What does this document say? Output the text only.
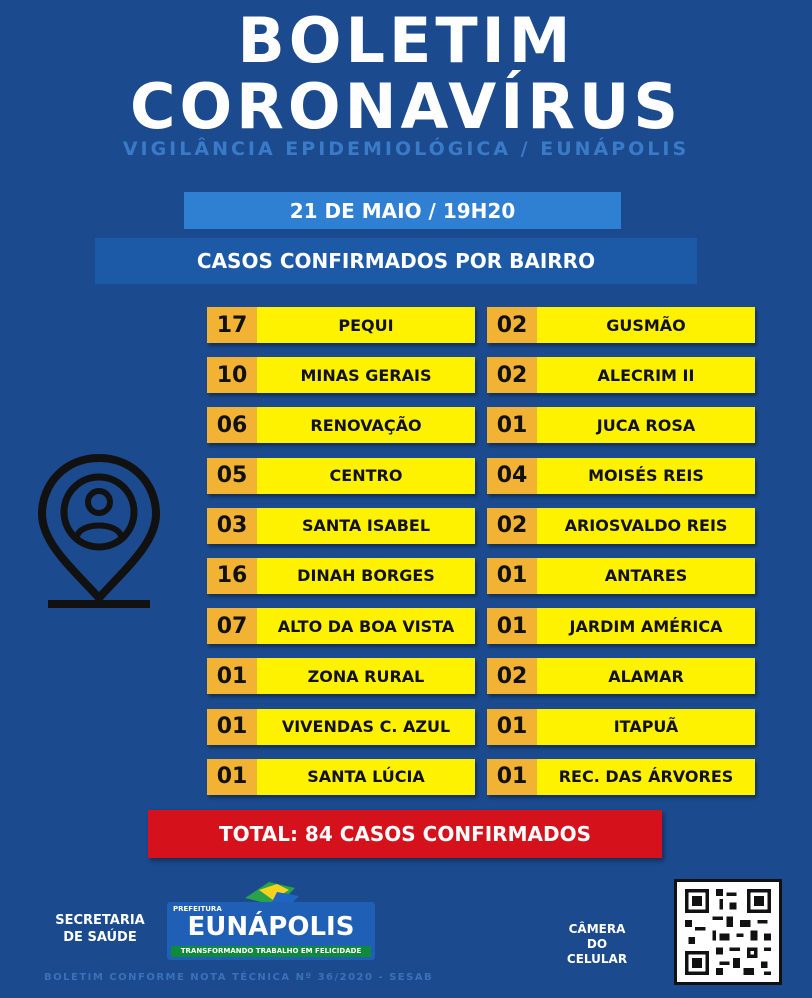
BOLETIM
CORONAVÍRUS
VIGILÂNCIA EPIDEMIOLÓGICA / EUNÁPOLIS
21 DE MAIO / 19H20
CASOS CONFIRMADOS POR BAIRRO
17	PEQUI
10	MINAS GERAIS
06	RENOVAÇÃO
05	CENTRO
03	SANTA ISABEL
16	DINAH BORGES
07	ALTO DA BOA VISTA
01	ZONA RURAL
01	VIVENDAS C. AZUL
01	SANTA LÚCIA
02	GUSMÃO
02	ALECRIM II
01	JUCA ROSA
04	MOISÉS REIS
02	ARIOSVALDO REIS
01	ANTARES
01	JARDIM AMÉRICA
02	ALAMAR
01	ITAPUÃ
01	REC. DAS ÁRVORES
TOTAL: 84 CASOS CONFIRMADOS
SECRETARIA
DE SAÚDE
PREFEITURA
EUNÁPOLIS
TRANSFORMANDO TRABALHO EM FELICIDADE
CÂMERA DO
CELULAR
BOLETIM CONFORME NOTA TÉCNICA Nº 36/2020 - SESAB
